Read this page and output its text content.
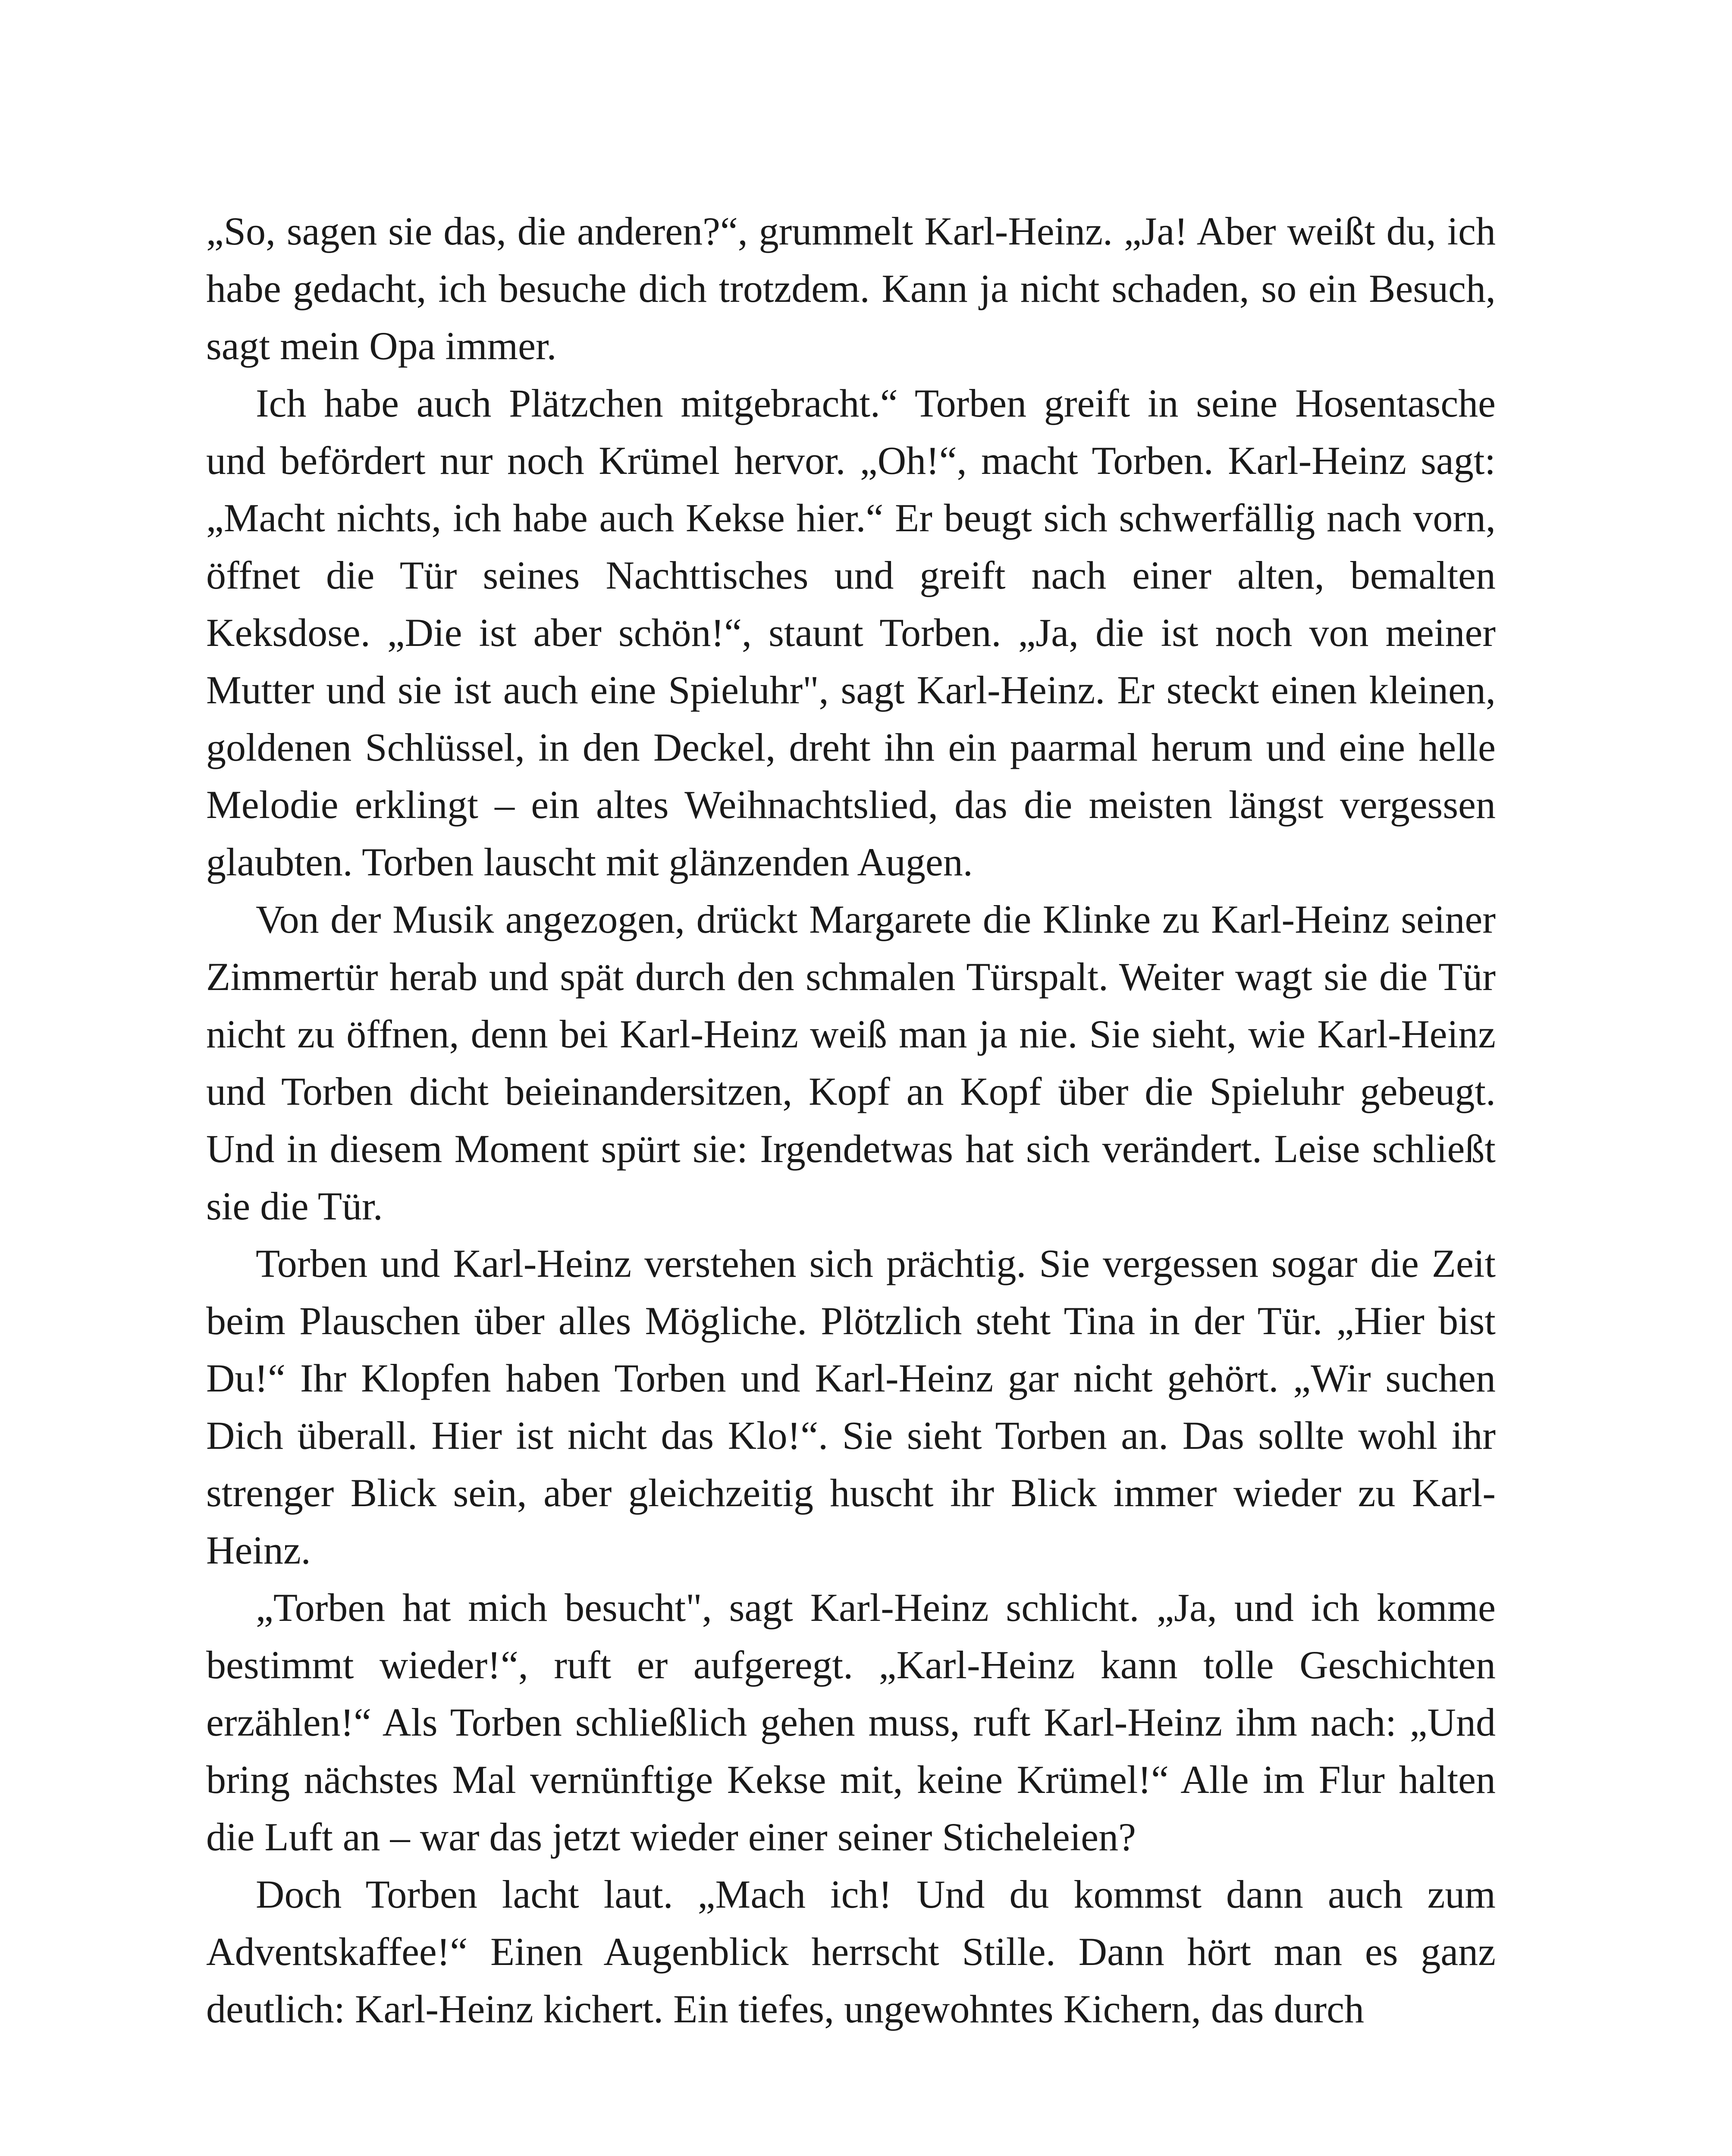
„So, sagen sie das, die anderen?“, grummelt Karl-Heinz. „Ja! Aber weißt du, ich habe gedacht, ich besuche dich trotzdem. Kann ja nicht schaden, so ein Besuch, sagt mein Opa immer.

Ich habe auch Plätzchen mitgebracht.“ Torben greift in seine Hosentasche und befördert nur noch Krümel hervor. „Oh!“, macht Torben. Karl-Heinz sagt: „Macht nichts, ich habe auch Kekse hier.“ Er beugt sich schwerfällig nach vorn, öffnet die Tür seines Nachttisches und greift nach einer alten, bemalten Keksdose. „Die ist aber schön!“, staunt Torben. „Ja, die ist noch von meiner Mutter und sie ist auch eine Spieluhr", sagt Karl-Heinz. Er steckt einen kleinen, goldenen Schlüssel, in den Deckel, dreht ihn ein paarmal herum und eine helle Melodie erklingt – ein altes Weihnachtslied, das die meisten längst vergessen glaubten. Torben lauscht mit glänzenden Augen.

Von der Musik angezogen, drückt Margarete die Klinke zu Karl-Heinz seiner Zimmertür herab und spät durch den schmalen Türspalt. Weiter wagt sie die Tür nicht zu öffnen, denn bei Karl-Heinz weiß man ja nie. Sie sieht, wie Karl-Heinz und Torben dicht beieinandersitzen, Kopf an Kopf über die Spieluhr gebeugt. Und in diesem Moment spürt sie: Irgendetwas hat sich verändert. Leise schließt sie die Tür.

Torben und Karl-Heinz verstehen sich prächtig. Sie vergessen sogar die Zeit beim Plauschen über alles Mögliche. Plötzlich steht Tina in der Tür. „Hier bist Du!“ Ihr Klopfen haben Torben und Karl-Heinz gar nicht gehört. „Wir suchen Dich überall. Hier ist nicht das Klo!“. Sie sieht Torben an. Das sollte wohl ihr strenger Blick sein, aber gleichzeitig huscht ihr Blick immer wieder zu Karl-Heinz.

„Torben hat mich besucht", sagt Karl-Heinz schlicht. „Ja, und ich komme bestimmt wieder!“, ruft er aufgeregt. „Karl-Heinz kann tolle Geschichten erzählen!“ Als Torben schließlich gehen muss, ruft Karl-Heinz ihm nach: „Und bring nächstes Mal vernünftige Kekse mit, keine Krümel!“ Alle im Flur halten die Luft an – war das jetzt wieder einer seiner Sticheleien?

Doch Torben lacht laut. „Mach ich! Und du kommst dann auch zum Adventskaffee!“ Einen Augenblick herrscht Stille. Dann hört man es ganz deutlich: Karl-Heinz kichert. Ein tiefes, ungewohntes Kichern, das durch
